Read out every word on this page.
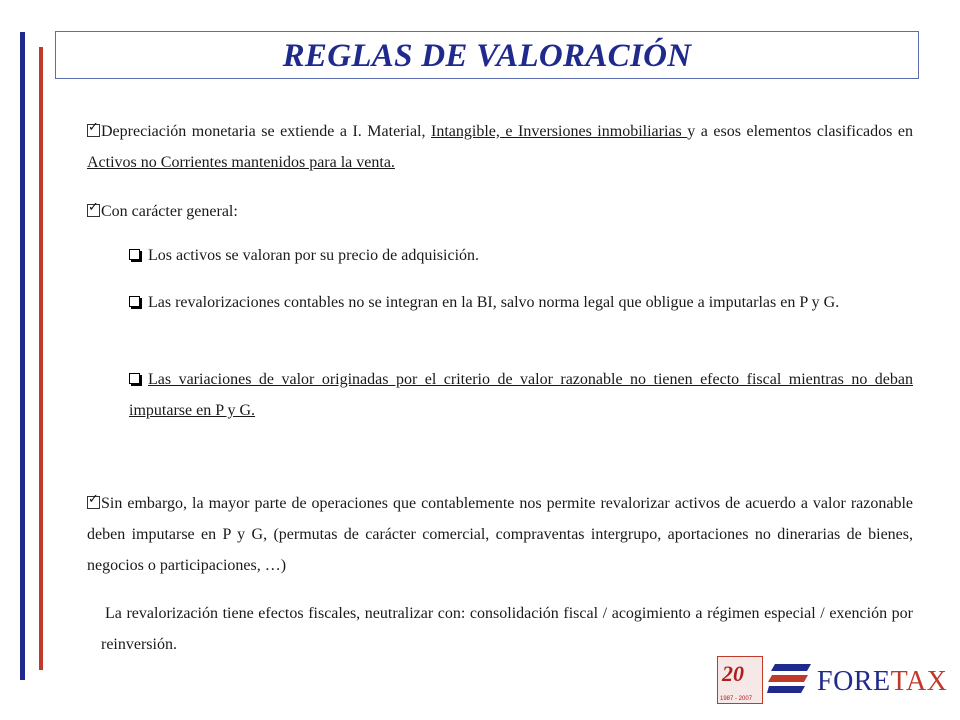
REGLAS DE VALORACIÓN
✓Depreciación monetaria se extiende a I. Material, Intangible, e Inversiones inmobiliarias y a esos elementos clasificados en Activos no Corrientes mantenidos para la venta.
✓Con carácter general:
Los activos se valoran por su precio de adquisición.
Las revalorizaciones contables no se integran en la BI, salvo norma legal que obligue a imputarlas en P y G.
Las variaciones de valor originadas por el criterio de valor razonable no tienen efecto fiscal mientras no deban imputarse en P y G.
✓Sin embargo, la mayor parte de operaciones que contablemente nos permite revalorizar activos de acuerdo a valor razonable deben imputarse en P y G, (permutas de carácter comercial, compraventas intergrupo, aportaciones no dinerarias de bienes, negocios o participaciones, …)
La revalorización tiene efectos fiscales, neutralizar con: consolidación fiscal / acogimiento a régimen especial / exención por reinversión.
20
1987 - 2007
FORETAX
